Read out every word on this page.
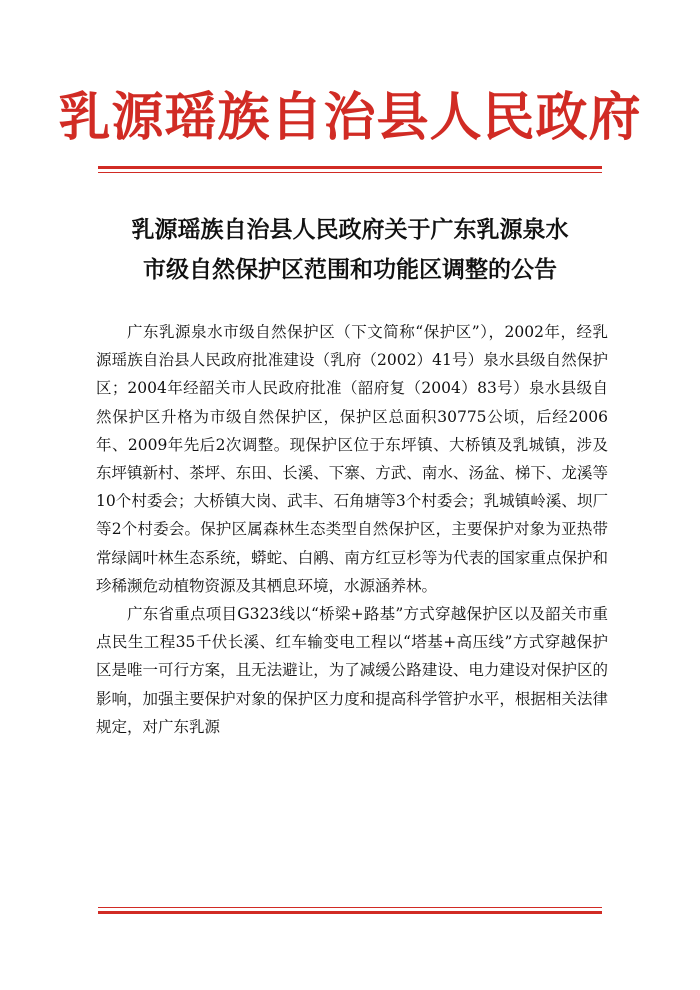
乳源瑶族自治县人民政府
乳源瑶族自治县人民政府关于广东乳源泉水
市级自然保护区范围和功能区调整的公告

广东乳源泉水市级自然保护区（下文简称“保护区”），2002年，经乳源瑶族自治县人民政府批准建设（乳府（2002）41号）泉水县级自然保护区；2004年经韶关市人民政府批准（韶府复（2004）83号）泉水县级自然保护区升格为市级自然保护区，保护区总面积30775公顷，后经2006年、2009年先后2次调整。现保护区位于东坪镇、大桥镇及乳城镇，涉及东坪镇新村、茶坪、东田、长溪、下寨、方武、南水、汤盆、梯下、龙溪等10个村委会；大桥镇大岗、武丰、石角塘等3个村委会；乳城镇岭溪、坝厂等2个村委会。保护区属森林生态类型自然保护区，主要保护对象为亚热带常绿阔叶林生态系统，蟒蛇、白鹇、南方红豆杉等为代表的国家重点保护和珍稀濒危动植物资源及其栖息环境，水源涵养林。

广东省重点项目G323线以“桥梁+路基”方式穿越保护区以及韶关市重点民生工程35千伏长溪、红车输变电工程以“塔基+高压线”方式穿越保护区是唯一可行方案，且无法避让，为了减缓公路建设、电力建设对保护区的影响，加强主要保护对象的保护区力度和提高科学管护水平，根据相关法律规定，对广东乳源
